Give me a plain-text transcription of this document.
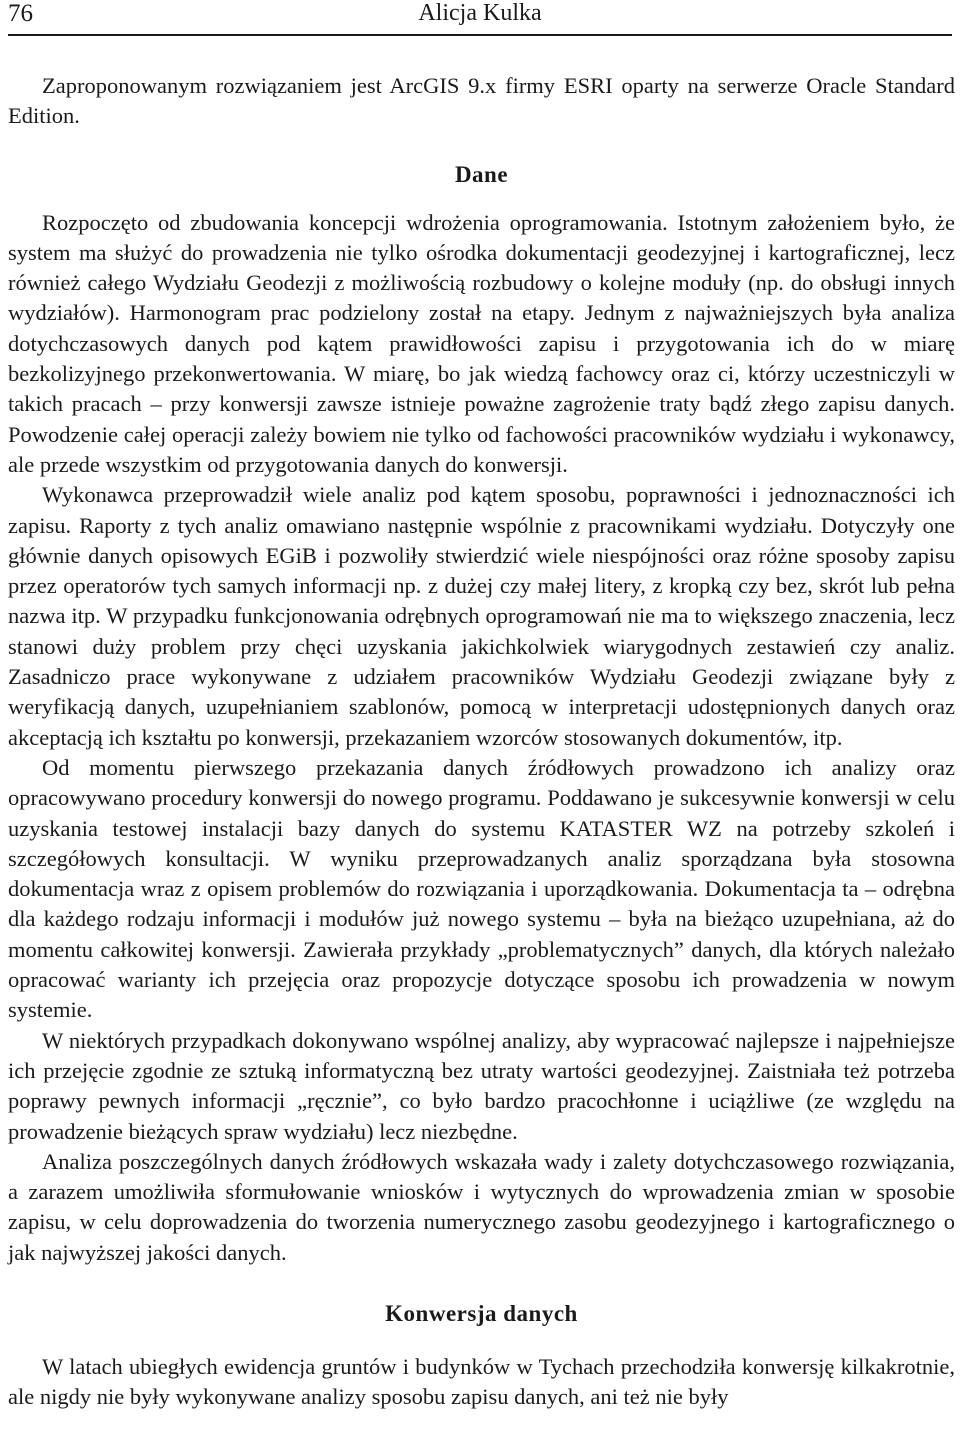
76	Alicja Kulka

Zaproponowanym rozwiązaniem jest ArcGIS 9.x firmy ESRI oparty na serwerze Oracle Standard Edition.

Dane

Rozpoczęto od zbudowania koncepcji wdrożenia oprogramowania. Istotnym założeniem było, że system ma służyć do prowadzenia nie tylko ośrodka dokumentacji geodezyjnej i kartograficznej, lecz również całego Wydziału Geodezji z możliwością rozbudowy o kolejne moduły (np. do obsługi innych wydziałów). Harmonogram prac podzielony został na etapy. Jednym z najważniejszych była analiza dotychczasowych danych pod kątem prawidłowości zapisu i przygotowania ich do w miarę bezkolizyjnego przekonwertowania. W miarę, bo jak wiedzą fachowcy oraz ci, którzy uczestniczyli w takich pracach – przy konwersji zawsze istnieje poważne zagrożenie traty bądź złego zapisu danych. Powodzenie całej operacji zależy bowiem nie tylko od fachowości pracowników wydziału i wykonawcy, ale przede wszystkim od przygotowania danych do konwersji.

Wykonawca przeprowadził wiele analiz pod kątem sposobu, poprawności i jednoznaczności ich zapisu. Raporty z tych analiz omawiano następnie wspólnie z pracownikami wydziału. Dotyczyły one głównie danych opisowych EGiB i pozwoliły stwierdzić wiele niespójności oraz różne sposoby zapisu przez operatorów tych samych informacji np. z dużej czy małej litery, z kropką czy bez, skrót lub pełna nazwa itp. W przypadku funkcjonowania odrębnych oprogramowań nie ma to większego znaczenia, lecz stanowi duży problem przy chęci uzyskania jakichkolwiek wiarygodnych zestawień czy analiz. Zasadniczo prace wykonywane z udziałem pracowników Wydziału Geodezji związane były z weryfikacją danych, uzupełnianiem szablonów, pomocą w interpretacji udostępnionych danych oraz akceptacją ich kształtu po konwersji, przekazaniem wzorców stosowanych dokumentów, itp.

Od momentu pierwszego przekazania danych źródłowych prowadzono ich analizy oraz opracowywano procedury konwersji do nowego programu. Poddawano je sukcesywnie konwersji w celu uzyskania testowej instalacji bazy danych do systemu KATASTER WZ na potrzeby szkoleń i szczegółowych konsultacji. W wyniku przeprowadzanych analiz sporządzana była stosowna dokumentacja wraz z opisem problemów do rozwiązania i uporządkowania. Dokumentacja ta – odrębna dla każdego rodzaju informacji i modułów już nowego systemu – była na bieżąco uzupełniana, aż do momentu całkowitej konwersji. Zawierała przykłady „problematycznych” danych, dla których należało opracować warianty ich przejęcia oraz propozycje dotyczące sposobu ich prowadzenia w nowym systemie.

W niektórych przypadkach dokonywano wspólnej analizy, aby wypracować najlepsze i najpełniejsze ich przejęcie zgodnie ze sztuką informatyczną bez utraty wartości geodezyjnej. Zaistniała też potrzeba poprawy pewnych informacji „ręcznie”, co było bardzo pracochłonne i uciążliwe (ze względu na prowadzenie bieżących spraw wydziału) lecz niezbędne.

Analiza poszczególnych danych źródłowych wskazała wady i zalety dotychczasowego rozwiązania, a zarazem umożliwiła sformułowanie wniosków i wytycznych do wprowadzenia zmian w sposobie zapisu, w celu doprowadzenia do tworzenia numerycznego zasobu geodezyjnego i kartograficznego o jak najwyższej jakości danych.

Konwersja danych

W latach ubiegłych ewidencja gruntów i budynków w Tychach przechodziła konwersję kilkakrotnie, ale nigdy nie były wykonywane analizy sposobu zapisu danych, ani też nie były
